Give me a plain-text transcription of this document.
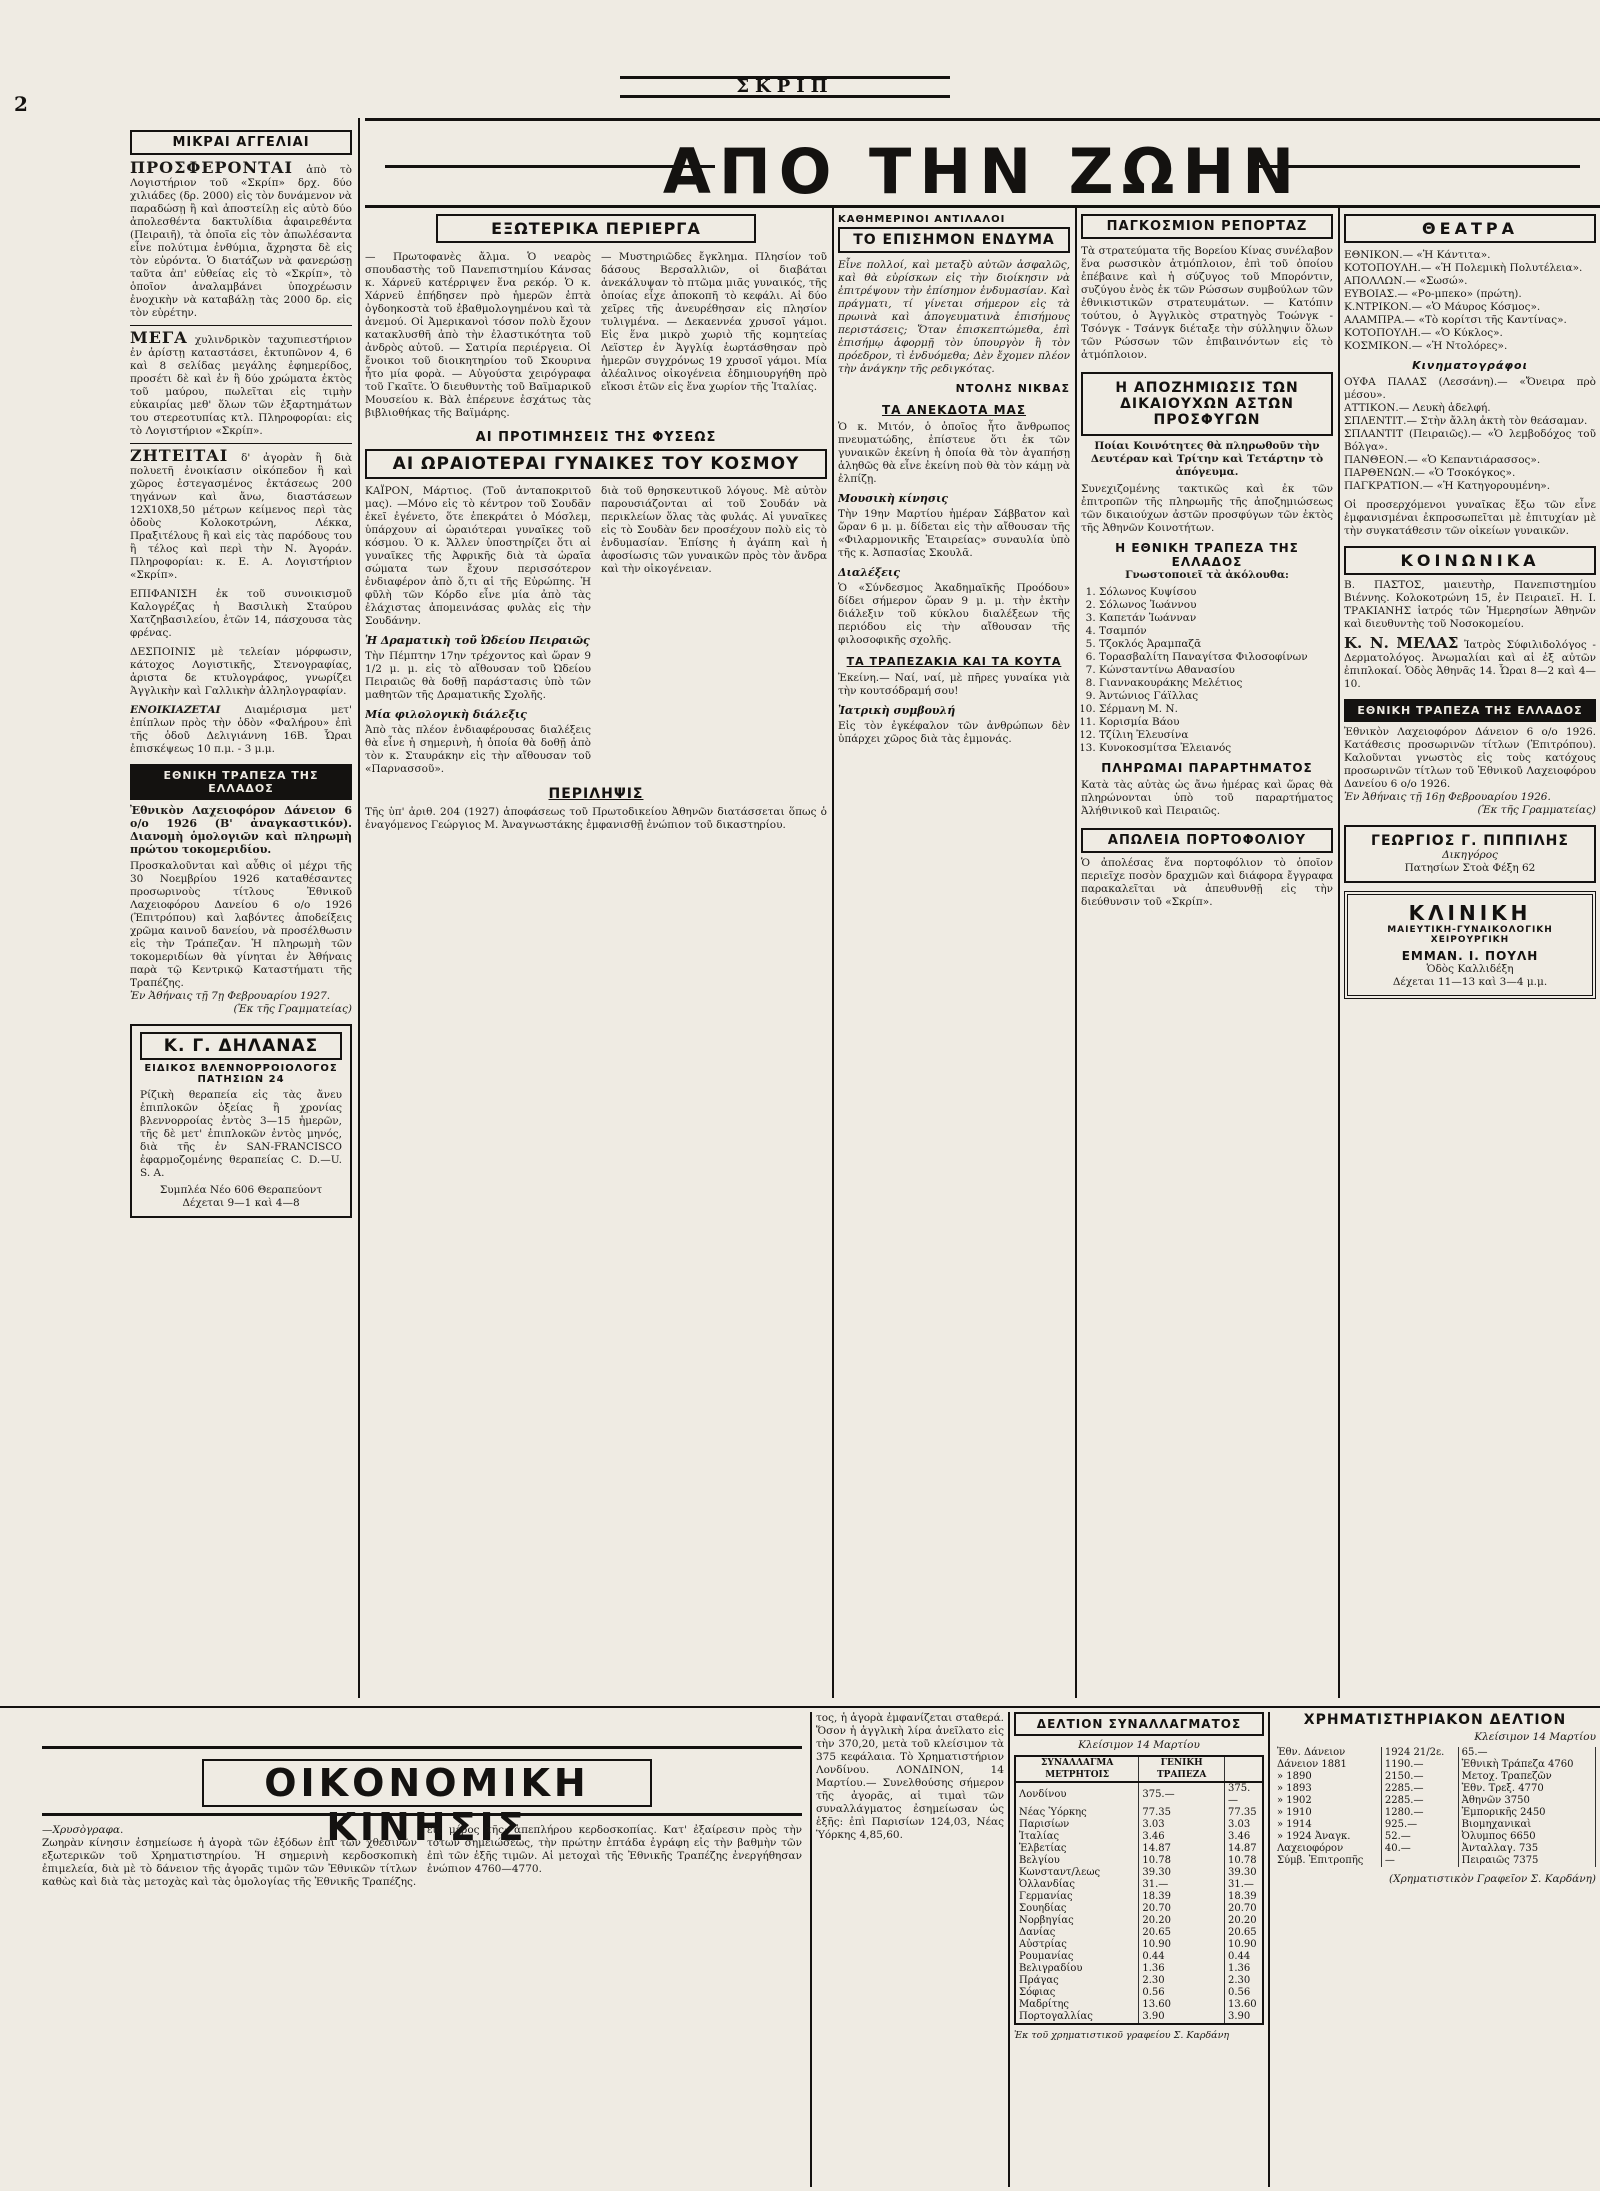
2
ΣΚΡΙΠ
ΑΠΟ ΤΗΝ ΖΩΗΝ
ΜΙΚΡΑΙ ΑΓΓΕΛΙΑΙ
ΠΡΟΣΦΕΡΟΝΤΑΙ ἀπὸ τὸ Λογιστήριον τοῦ «Σκρίπ» δρχ. δύο χιλιάδες (δρ. 2000) εἰς τὸν δυνάμενον νὰ παραδώσῃ ἢ καὶ ἀποστείλῃ εἰς αὐτὸ δύο ἀπολεσθέντα δακτυλίδια ἀφαιρεθέντα (Πειραιῆ), τὰ ὁποῖα εἰς τὸν ἀπωλέσαντα εἶνε πολύτιμα ἐνθύμια, ἄχρηστα δὲ εἰς τὸν εὑρόντα. Ὁ διατάζων νὰ φανερώσῃ ταῦτα ἀπ' εὐθείας εἰς τὸ «Σκρίπ», τὸ ὁποῖον ἀναλαμβάνει ὑποχρέωσιν ἐνοχικὴν νὰ καταβάλῃ τὰς 2000 δρ. εἰς τὸν εὑρέτην.
ΜΕΓΑ χυλινδρικὸν ταχυπιεστήριον ἐν ἀρίστῃ καταστάσει, ἐκτυπῶνον 4, 6 καὶ 8 σελίδας μεγάλης ἐφημερίδος, προσέτι δὲ καὶ ἐν ἢ δύο χρώματα ἐκτὸς τοῦ μαύρου, πωλεῖται εἰς τιμὴν εὐκαιρίας μεθ' ὅλων τῶν ἐξαρτημάτων του στερεοτυπίας κτλ. Πληροφορίαι: εἰς τὸ Λογιστήριον «Σκρίπ».
ΖΗΤΕΙΤΑΙ δ' ἀγορὰν ἢ διὰ πολυετῆ ἐνοικίασιν οἰκόπεδον ἢ καὶ χῶρος ἐστεγασμένος ἐκτάσεως 200 τηγάνων καὶ ἄνω, διαστάσεων 12Χ10Χ8,50 μέτρων κείμενος περὶ τὰς ὁδοὺς Κολοκοτρώνη, Λέκκα, Πραξιτέλους ἢ καὶ εἰς τὰς παρόδους του ἢ τέλος καὶ περὶ τὴν Ν. Ἀγοράν. Πληροφορίαι: κ. Ε. Α. Λογιστήριον «Σκρίπ».
ΕΠΙΦΑΝΙΣΗ ἐκ τοῦ συνοικισμοῦ Καλογρέζας ἡ Βασιλικὴ Σταύρου Χατζηβασιλείου, ἐτῶν 14, πάσχουσα τὰς φρένας.
ΔΕΣΠΟΙΝΙΣ μὲ τελείαν μόρφωσιν, κάτοχος Λογιστικῆς, Στενογραφίας, ἀριστα δε κτυλογράφος, γνωρίζει Ἀγγλικὴν καὶ Γαλλικὴν ἀλληλογραφίαν.
ΕΝΟΙΚΙΑΖΕΤΑΙ Διαμέρισμα μετ' ἐπίπλων πρὸς τὴν ὁδὸν «Φαλήρου» ἐπὶ τῆς ὁδοῦ Δελιγιάννη 16Β. Ὧραι ἐπισκέψεως 10 π.μ. - 3 μ.μ.
ΕΘΝΙΚΗ ΤΡΑΠΕΖΑ ΤΗΣ ΕΛΛΑΔΟΣ
Ἐθνικὸν Λαχειοφόρον Δάνειον 6 ο/ο 1926 (Β' ἀναγκαστικόν). Διανομὴ ὁμολογιῶν καὶ πληρωμὴ πρώτου τοκομεριδίου.
Προσκαλοῦνται καὶ αὖθις οἱ μέχρι τῆς 30 Νοεμβρίου 1926 καταθέσαντες προσωρινοὺς τίτλους Ἐθνικοῦ Λαχειοφόρου Δανείου 6 ο/ο 1926 (Ἐπιτρόπου) καὶ λαβόντες ἀποδείξεις χρῶμα καινοῦ δανείου, νὰ προσέλθωσιν εἰς τὴν Τράπεζαν. Ἡ πληρωμὴ τῶν τοκομεριδίων θὰ γίνηται ἐν Ἀθήναις παρὰ τῷ Κεντρικῷ Καταστήματι τῆς Τραπέζης.
Ἐν Ἀθήναις τῇ 7ῃ Φεβρουαρίου 1927.
(Ἐκ τῆς Γραμματείας)
Κ. Γ. ΔΗΛΑΝΑΣ
ΕΙΔΙΚΟΣ ΒΛΕΝΝΟΡΡΟΙΟΛΟΓΟΣ
ΠΑΤΗΣΙΩΝ 24
Ρίζικὴ θεραπεία εἰς τὰς ἄνευ ἐπιπλοκῶν ὀξείας ἢ χρονίας βλεννορροίας ἐντὸς 3—15 ἡμερῶν, τῆς δὲ μετ' ἐπιπλοκῶν ἐντὸς μηνός, διὰ τῆς ἐν SAN-FRANCISCO ἐφαρμοζομένης θεραπείας C. D.—U. S. A.
Συμπλέα Νέο 606 Θεραπεύοντ Δέχεται 9—1 καὶ 4—8
ΕΞΩΤΕΡΙΚΑ ΠΕΡΙΕΡΓΑ
— Πρωτοφανὲς ἄλμα. Ὁ νεαρὸς σπουδαστὴς τοῦ Πανεπιστημίου Κάνσας κ. Χάρνεϋ κατέρριψεν ἕνα ρεκόρ. Ὁ κ. Χάρνεϋ ἐπήδησεν πρὸ ἡμερῶν ἐπτὰ ὀγδοηκοστὰ τοῦ ἐβαθμολογημένου καὶ τὰ ἀνεμού. Οἱ Ἀμερικανοὶ τόσον πολὺ ἔχουν κατακλυσθῆ ἀπὸ τὴν ἐλαστικότητα τοῦ ἀνδρὸς αὐτοῦ. — Σατιρία περιέργεια. Οἱ ἔνοικοι τοῦ διοικητηρίου τοῦ Σκουρινα ἦτο μία φορὰ. — Αὐγούστα χειρόγραφα τοῦ Γκαῖτε. Ὁ διευθυντὴς τοῦ Βαϊμαρικοῦ Μουσείου κ. Βὰλ ἐπέρευνε ἐσχάτως τὰς βιβλιοθήκας τῆς Βαϊμάρης.
— Μυστηριῶδες ἔγκλημα. Πλησίον τοῦ δάσους Βερσαλλιῶν, οἱ διαβάται ἀνεκάλυψαν τὸ πτῶμα μιᾶς γυναικός, τῆς ὁποίας εἶχε ἀποκοπῆ τὸ κεφάλι. Αἱ δύο χεῖρες τῆς ἀνευρέθησαν εἰς πλησίον τυλιγμένα. — Δεκαεννέα χρυσοῖ γάμοι. Εἰς ἕνα μικρὸ χωριὸ τῆς κομητείας Λεϊστερ ἐν Ἀγγλίᾳ ἑωρτάσθησαν πρὸ ἡμερῶν συγχρόνως 19 χρυσοῖ γάμοι. Μία ἀλέαλινος οἰκογένεια ἐδημιουργήθη πρὸ εἴκοσι ἐτῶν εἰς ἕνα χωρίον τῆς Ἰταλίας.
ΑΙ ΠΡΟΤΙΜΗΣΕΙΣ ΤΗΣ ΦΥΣΕΩΣ
ΑΙ ΩΡΑΙΟΤΕΡΑΙ ΓΥΝΑΙΚΕΣ ΤΟΥ ΚΟΣΜΟΥ
ΚΑΪΡΟΝ, Μάρτιος. (Τοῦ ἀνταποκριτοῦ μας). —Μόνο εἰς τὸ κέντρον τοῦ Σουδᾶν ἐκεῖ ἐγένετο, ὅτε ἐπεκράτει ὁ Μόσλεμ, ὑπάρχουν αἱ ὡραιότεραι γυναῖκες τοῦ κόσμου. Ὁ κ. Ἄλλεν ὑποστηρίζει ὅτι αἱ γυναῖκες τῆς Ἀφρικῆς διὰ τὰ ὡραῖα σώματα των ἔχουν περισσότερον ἐνδιαφέρον ἀπὸ ὅ,τι αἱ τῆς Εὐρώπης. Ἡ φῦλὴ τῶν Κόρδο εἶνε μία ἀπὸ τὰς ἐλάχιστας ἀπομεινάσας φυλὰς εἰς τὴν Σουδάνην.
Ἡ Δραματικὴ τοῦ Ὠδείου Πειραιῶς
Τὴν Πέμπτην 17ην τρέχοντος καὶ ὥραν 9 1/2 μ. μ. εἰς τὸ αἴθουσαν τοῦ Ὠδείου Πειραιῶς θὰ δοθῇ παράστασις ὑπὸ τῶν μαθητῶν τῆς Δραματικῆς Σχολῆς.
Μία φιλολογικὴ διάλεξις
Ἀπὸ τὰς πλέον ἐνδιαφέρουσας διαλέξεις θὰ εἶνε ἡ σημερινὴ, ἡ ὁποία θὰ δοθῇ ἀπὸ τὸν κ. Σταυράκην εἰς τὴν αἴθουσαν τοῦ «Παρνασσοῦ».
διὰ τοῦ θρησκευτικοῦ λόγους. Μὲ αὐτὸν παρουσιάζονται αἱ τοῦ Σουδάν νὰ περικλείων ὅλας τὰς φυλάς. Αἱ γυναῖκες εἰς τὸ Σουδὰν δεν προσέχουν πολὺ εἰς τὸ ἐνδυμασίαν. Ἐπίσης ἡ ἀγάπη καὶ ἡ ἀφοσίωσις τῶν γυναικῶν πρὸς τὸν ἄνδρα καὶ τὴν οἰκογένειαν.
ΠΕΡΙΛΗΨΙΣ
Τῆς ὑπ' ἀριθ. 204 (1927) ἀποφάσεως τοῦ Πρωτοδικείου Ἀθηνῶν διατάσσεται ὅπως ὁ ἐναγόμενος Γεώργιος Μ. Ἀναγνωστάκης ἐμφανισθῇ ἐνώπιον τοῦ δικαστηρίου.
ΚΑΘΗΜΕΡΙΝΟΙ ΑΝΤΙΛΑΛΟΙ
ΤΟ ΕΠΙΣΗΜΟΝ ΕΝΔΥΜΑ
Εἶνε πολλοί, καὶ μεταξὺ αὐτῶν ἀσφαλῶς, καὶ θὰ εὑρίσκων εἰς τὴν διοίκησιν νὰ ἐπιτρέψουν τὴν ἐπίσημον ἐνδυμασίαν. Καὶ πράγματι, τί γίνεται σήμερον εἰς τὰ πρωινὰ καὶ ἀπογευματινὰ ἐπισήμους περιστάσεις; Ὅταν ἐπισκεπτώμεθα, ἐπὶ ἐπισήμῳ ἀφορμῇ τὸν ὑπουργὸν ἢ τὸν πρόεδρον, τὶ ἐνδυόμεθα; Δὲν ἔχομεν πλέον τὴν ἀνάγκην τῆς ρεδιγκότας.
ΝΤΟΛΗΣ ΝΙΚΒΑΣ
ΤΑ ΑΝΕΚΔΟΤΑ ΜΑΣ
Ὁ κ. Μιτόν, ὁ ὁποῖος ἦτο ἄνθρωπος πνευματώδης, ἐπίστευε ὅτι ἐκ τῶν γυναικῶν ἐκείνη ἡ ὁποία θὰ τὸν ἀγαπήσῃ ἀληθῶς θὰ εἶνε ἐκείνη ποὺ θὰ τὸν κάμῃ νὰ ἐλπίζῃ.
Μουσικὴ κίνησις
Τὴν 19ην Μαρτίου ἡμέραν Σάββατον καὶ ὥραν 6 μ. μ. δίδεται εἰς τὴν αἴθουσαν τῆς «Φιλαρμονικῆς Ἑταιρείας» συναυλία ὑπὸ τῆς κ. Ἀσπασίας Σκουλᾶ.
Διαλέξεις
Ὁ «Σύνδεσμος Ἀκαδημαϊκῆς Προόδου» δίδει σήμερον ὥραν 9 μ. μ. τὴν ἑκτὴν διάλεξιν τοῦ κύκλου διαλέξεων τῆς περιόδου εἰς τὴν αἴθουσαν τῆς φιλοσοφικῆς σχολῆς.
ΤΑ ΤΡΑΠΕΖΑΚΙΑ ΚΑΙ ΤΑ ΚΟΥΤΑ
Ἐκείνη.— Ναί, ναί, μὲ πῆρες γυναίκα γιὰ τὴν κουτσόδραμή σου!
Ἰατρικὴ συμβουλή
Εἰς τὸν ἐγκέφαλον τῶν ἀνθρώπων δὲν ὑπάρχει χῶρος διὰ τὰς ἐμμονάς.
ΠΑΓΚΟΣΜΙΟΝ ΡΕΠΟΡΤΑΖ
Τὰ στρατεύματα τῆς Βορείου Κίνας συνέλαβον ἕνα ρωσσικὸν ἀτμόπλοιον, ἐπὶ τοῦ ὁποίου ἐπέβαινε καὶ ἡ σύζυγος τοῦ Μπορόντιν, συζύγου ἐνὸς ἐκ τῶν Ρώσσων συμβούλων τῶν ἐθνικιστικῶν στρατευμάτων. — Κατόπιν τούτου, ὁ Ἀγγλικὸς στρατηγὸς Τοώνγκ - Τσόνγκ - Τσάνγκ διέταξε τὴν σύλληψιν ὅλων τῶν Ρώσσων τῶν ἐπιβαινόντων εἰς τὸ ἀτμόπλοιον.
Η ΑΠΟΖΗΜΙΩΣΙΣ ΤΩΝ ΔΙΚΑΙΟΥΧΩΝ ΑΣΤΩΝ ΠΡΟΣΦΥΓΩΝ
Ποίαι Κοινότητες θὰ πληρωθοῦν τὴν Δευτέραν καὶ Τρίτην καὶ Τετάρτην τὸ ἀπόγευμα.
Συνεχιζομένης τακτικῶς καὶ ἐκ τῶν ἐπιτροπῶν τῆς πληρωμῆς τῆς ἀποζημιώσεως τῶν δικαιούχων ἀστῶν προσφύγων τῶν ἐκτὸς τῆς Ἀθηνῶν Κοινοτήτων.
Η ΕΘΝΙΚΗ ΤΡΑΠΕΖΑ ΤΗΣ ΕΛΛΑΔΟΣ
Γνωστοποιεῖ τὰ ἀκόλουθα:
1. Σόλωνος Κυψίσου
2. Σόλωνος Ἰωάννου
3. Καπετάν Ἰωάνναν
4. Τσαμπόν
5. Τζοκλός Ἀραμπαζᾶ
6. Τορασβαλίτη Παναγίτσα Φιλοσοφίνων
7. Κώνσταντίνω Αθανασίου
8. Γιαννακουράκης Μελέτιος
9. Ἀντώνιος Γάϊλλας
10. Σέρμανη Μ. Ν.
11. Κορισμία Βάου
12. Τζίλιη Ἐλευσίνα
13. Κυνοκοσμίτσα Ἐλειανός
ΠΛΗΡΩΜΑΙ ΠΑΡΑΡΤΗΜΑΤΟΣ
Κατὰ τὰς αὐτὰς ὡς ἄνω ἡμέρας καὶ ὥρας θὰ πληρώνονται ὑπὸ τοῦ παραρτήματος Ἀλήθινικοῦ καὶ Πειραιῶς.
ΑΠΩΛΕΙΑ ΠΟΡΤΟΦΟΛΙΟΥ
Ὁ ἀπολέσας ἕνα πορτοφόλιον τὸ ὁποῖον περιεῖχε ποσὸν δραχμῶν καὶ διάφορα ἔγγραφα παρακαλεῖται νὰ ἀπευθυνθῇ εἰς τὴν διεύθυνσιν τοῦ «Σκρίπ».
ΘΕΑΤΡΑ
ΕΘΝΙΚΟΝ.— «Ἡ Κάντιτα».
ΚΟΤΟΠΟΥΛΗ.— «Ἡ Πολεμικὴ Πολυτέλεια».
ΑΠΟΛΛΩΝ.— «Σωσώ».
ΕΥΒΟΙΑΣ.— «Ρο-μπεκο» (πρώτη).
Κ.ΝΤΡΙΚΟΝ.— «Ὁ Μάυρος Κόσμος».
ΑΛΑΜΠΡΑ.— «Τὸ κορίτσι τῆς Καντίνας».
ΚΟΤΟΠΟΥΛΗ.— «Ὁ Κύκλος».
ΚΟΣΜΙΚΟΝ.— «Ἡ Ντολόρες».
Κινηματογράφοι
ΟΥΦΑ ΠΑΛΑΣ (Λεσσάνη).— «Ὄνειρα πρὸ μέσου».
ΑΤΤΙΚΟΝ.— Λευκὴ ἀδελφή.
ΣΠΛΕΝΤΙΤ.— Στὴν ἄλλη ἀκτὴ τὸν θεάσαμαν.
ΣΠΛΑΝΤΙΤ (Πειραιῶς).— «Ὁ λεμβοδόχος τοῦ Βόλγα».
ΠΑΝΘΕΟΝ.— «Ὁ Κεπαντιάρασσος».
ΠΑΡΘΕΝΩΝ.— «Ὁ Τσοκόγκος».
ΠΑΓΚΡΑΤΙΟΝ.— «Ἡ Κατηγορουμένη».
Οἱ προσερχόμενοι γυναῖκας ἔξω τῶν εἶνε ἐμφανισμέναι ἐκπροσωπεῖται μὲ ἐπιτυχίαν μὲ τὴν συγκατάθεσιν τῶν οἰκείων γυναικῶν.
ΚΟΙΝΩΝΙΚΑ
Β. ΠΑΣΤΟΣ, μαιευτὴρ, Πανεπιστημίου Βιέννης. Κολοκοτρώνη 15, ἐν Πειραιεῖ. Η. Ι. ΤΡΑΚΙΑΝΗΣ ἰατρός τῶν Ἡμερησίων Ἀθηνῶν καὶ διευθυντὴς τοῦ Νοσοκομείου.
Κ. Ν. ΜΕΛΑΣ Ἰατρὸς Σύφιλιδολόγος - Δερματολόγος. Ἀνωμαλίαι καὶ αἱ ἐξ αὐτῶν ἐπιπλοκαί. Ὁδὸς Ἀθηνᾶς 14. Ὧραι 8—2 καὶ 4—10.
ΕΘΝΙΚΗ ΤΡΑΠΕΖΑ ΤΗΣ ΕΛΛΑΔΟΣ
Ἐθνικὸν Λαχειοφόρον Δάνειον 6 ο/ο 1926. Κατάθεσις προσωρινῶν τίτλων (Ἐπιτρόπου). Καλοῦνται γνωστὸς εἰς τοὺς κατόχους προσωρινῶν τίτλων τοῦ Ἐθνικοῦ Λαχειοφόρου Δανείου 6 ο/ο 1926.
Ἐν Ἀθήναις τῇ 16ῃ Φεβρουαρίου 1926.
(Ἐκ τῆς Γραμματείας)
ΓΕΩΡΓΙΟΣ Γ. ΠΙΠΠΙΛΗΣ
Δικηγόρος
Πατησίων Στοὰ Φέξη 62
ΚΛΙΝΙΚΗ
ΜΑΙΕΥΤΙΚΗ-ΓΥΝΑΙΚΟΛΟΓΙΚΗ ΧΕΙΡΟΥΡΓΙΚΗ
ΕΜΜΑΝ. Ι. ΠΟΥΛΗ
Ὁδὸς Καλλιδέξη
Δέχεται 11—13 καὶ 3—4 μ.μ.
ΟΙΚΟΝΟΜΙΚΗ ΚΙΝΗΣΙΣ
—Χρυσὸγραφα.
Ζωηρὰν κίνησιν ἐσημείωσε ἡ ἀγορὰ τῶν ἐξόδων ἐπὶ τῶν χθεσινῶν εξωτερικῶν τοῦ Χρηματιστηρίου. Ἡ σημερινὴ κερδοσκοπικὴ ἐπιμελεία, διὰ μὲ τὸ δάνειον τῆς ἀγορᾶς τιμῶν τῶν Ἐθνικῶν τίτλων καθὼς καὶ διὰ τὰς μετοχὰς καὶ τὰς ὁμολογίας τῆς Ἐθνικῆς Τραπέζης.
εἰς μέρος τῆς: ἀπεπλήρου κερδοσκοπίας. Κατ' ἐξαίρεσιν πρὸς τὴν τότων σημειώσεως, τὴν πρώτην ἐπτάδα ἐγράφη εἰς τὴν βαθμὴν τῶν ἐπὶ τῶν ἑξῆς τιμῶν. Αἱ μετοχαὶ τῆς Ἐθνικῆς Τραπέζης ἐνεργήθησαν ἐνώπιον 4760—4770.
τος, ἡ ἀγορὰ ἐμφανίζεται σταθερά. Ὅσον ἡ ἀγγλικὴ λίρα ἀνεῖλατο εἰς τὴν 370,20, μετὰ τοῦ κλείσιμον τὰ 375 κεφάλαια. Τὸ Χρηματιστήριον Λονδίνου. ΛΟΝΔΙΝΟΝ, 14 Μαρτίου.— Συνελθούσης σήμερον τῆς ἀγορᾶς, αἱ τιμαὶ τῶν συναλλάγματος ἐσημείωσαν ὡς ἑξῆς: ἐπὶ Παρισίων 124,03, Νέας Ὑόρκης 4,85,60.
ΔΕΛΤΙΟΝ ΣΥΝΑΛΛΑΓΜΑΤΟΣ
Κλείσιμον 14 Μαρτίου
ΣΥΝΑΛΛΑΓΜΑ ΜΕΤΡΗΤΟΙΣ	ΓΕΝΙΚΗ ΤΡΑΠΕΖΑ	
Λονδίνου	375.—	375.—
Νέας Ὑόρκης	77.35	77.35
Παρισίων	3.03	3.03
Ἰταλίας	3.46	3.46
Ἑλβετίας	14.87	14.87
Βελγίου	10.78	10.78
Κωνσταντ/λεως	39.30	39.30
Ὀλλανδίας	31.—	31.—
Γερμανίας	18.39	18.39
Σουηδίας	20.70	20.70
Νορβηγίας	20.20	20.20
Δανίας	20.65	20.65
Αὐστρίας	10.90	10.90
Ρουμανίας	0.44	0.44
Βελιγραδίου	1.36	1.36
Πράγας	2.30	2.30
Σόφιας	0.56	0.56
Μαδρίτης	13.60	13.60
Πορτογαλλίας	3.90	3.90
Ἐκ τοῦ χρηματιστικοῦ γραφείου Σ. Καρδάνη
ΧΡΗΜΑΤΙΣΤΗΡΙΑΚΟΝ ΔΕΛΤΙΟΝ
Κλείσιμον 14 Μαρτίου
Ἐθν. Δάνειον	1924 21/2ε.	65.—
Δάνειον 1881	1190.—	Ἐθνικὴ Τράπεζα 4760
» 1890	2150.—	Μετοχ. Τραπεζῶν
» 1893	2285.—	Ἐθν. Τρεξ. 4770
» 1902	2285.—	Ἀθηνῶν 3750
» 1910	1280.—	Ἐμπορικῆς 2450
» 1914	925.—	Βιομηχανικαὶ
» 1924 Ἀναγκ.	52.—	Ὀλυμπος 6650
Λαχειοφόρον	40.—	Ἀνταλλαγ. 735
Σύμβ. Ἐπιτροπῆς	—	Πειραιῶς 7375
(Χρηματιστικὸν Γραφεῖον Σ. Καρδάνη)
